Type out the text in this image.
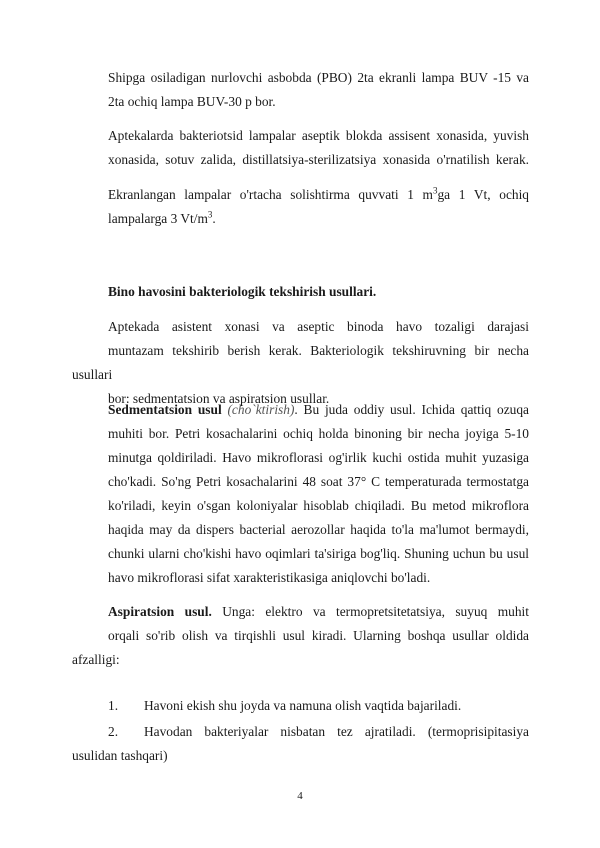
Shipga osiladigan nurlovchi asbobda (PBO) 2ta ekranli lampa BUV -15 va
2ta ochiq lampa BUV-30 p bor.

Aptekalarda bakteriotsid lampalar aseptik blokda assisent xonasida, yuvish
xonasida, sotuv zalida, distillatsiya-sterilizatsiya xonasida o'rnatilish kerak.

Ekranlangan lampalar o'rtacha solishtirma quvvati 1 $m^3ga$ 1 Vt, ochiq
lampalarga 3 $Vt/m^3$.

Bino havosini bakteriologik tekshirish usullari.

Aptekada asistent xonasi va aseptic binoda havo tozaligi darajasi
muntazam tekshirib berish kerak. Bakteriologik tekshiruvning bir necha usullari
bor: sedmentatsion va aspiratsion usullar.

Sedmentatsion usul (cho`ktirish). Bu juda oddiy usul. Ichida qattiq ozuqa
muhiti bor. Petri kosachalarini ochiq holda binoning bir necha joyiga 5-10
minutga qoldiriladi. Havo mikroflorasi og'irlik kuchi ostida muhit yuzasiga
cho'kadi. So'ng Petri kosachalarini 48 soat 37° C temperaturada termostatga
ko'riladi, keyin o'sgan koloniyalar hisoblab chiqiladi. Bu metod mikroflora
haqida may da dispers bacterial aerozollar haqida to'la ma'lumot bermaydi,
chunki ularni cho'kishi havo oqimlari ta'siriga bog'liq. Shuning uchun bu usul
havo mikroflorasi sifat xarakteristikasiga aniqlovchi bo'ladi.

Aspiratsion usul. Unga: elektro va termopretsitetatsiya, suyuq muhit
orqali so'rib olish va tirqishli usul kiradi. Ularning boshqa usullar oldida afzalligi:

1. Havoni ekish shu joyda va namuna olish vaqtida bajariladi.

2. Havodan bakteriyalar nisbatan tez ajratiladi. (termoprisipitasiya
usulidan tashqari)

4
